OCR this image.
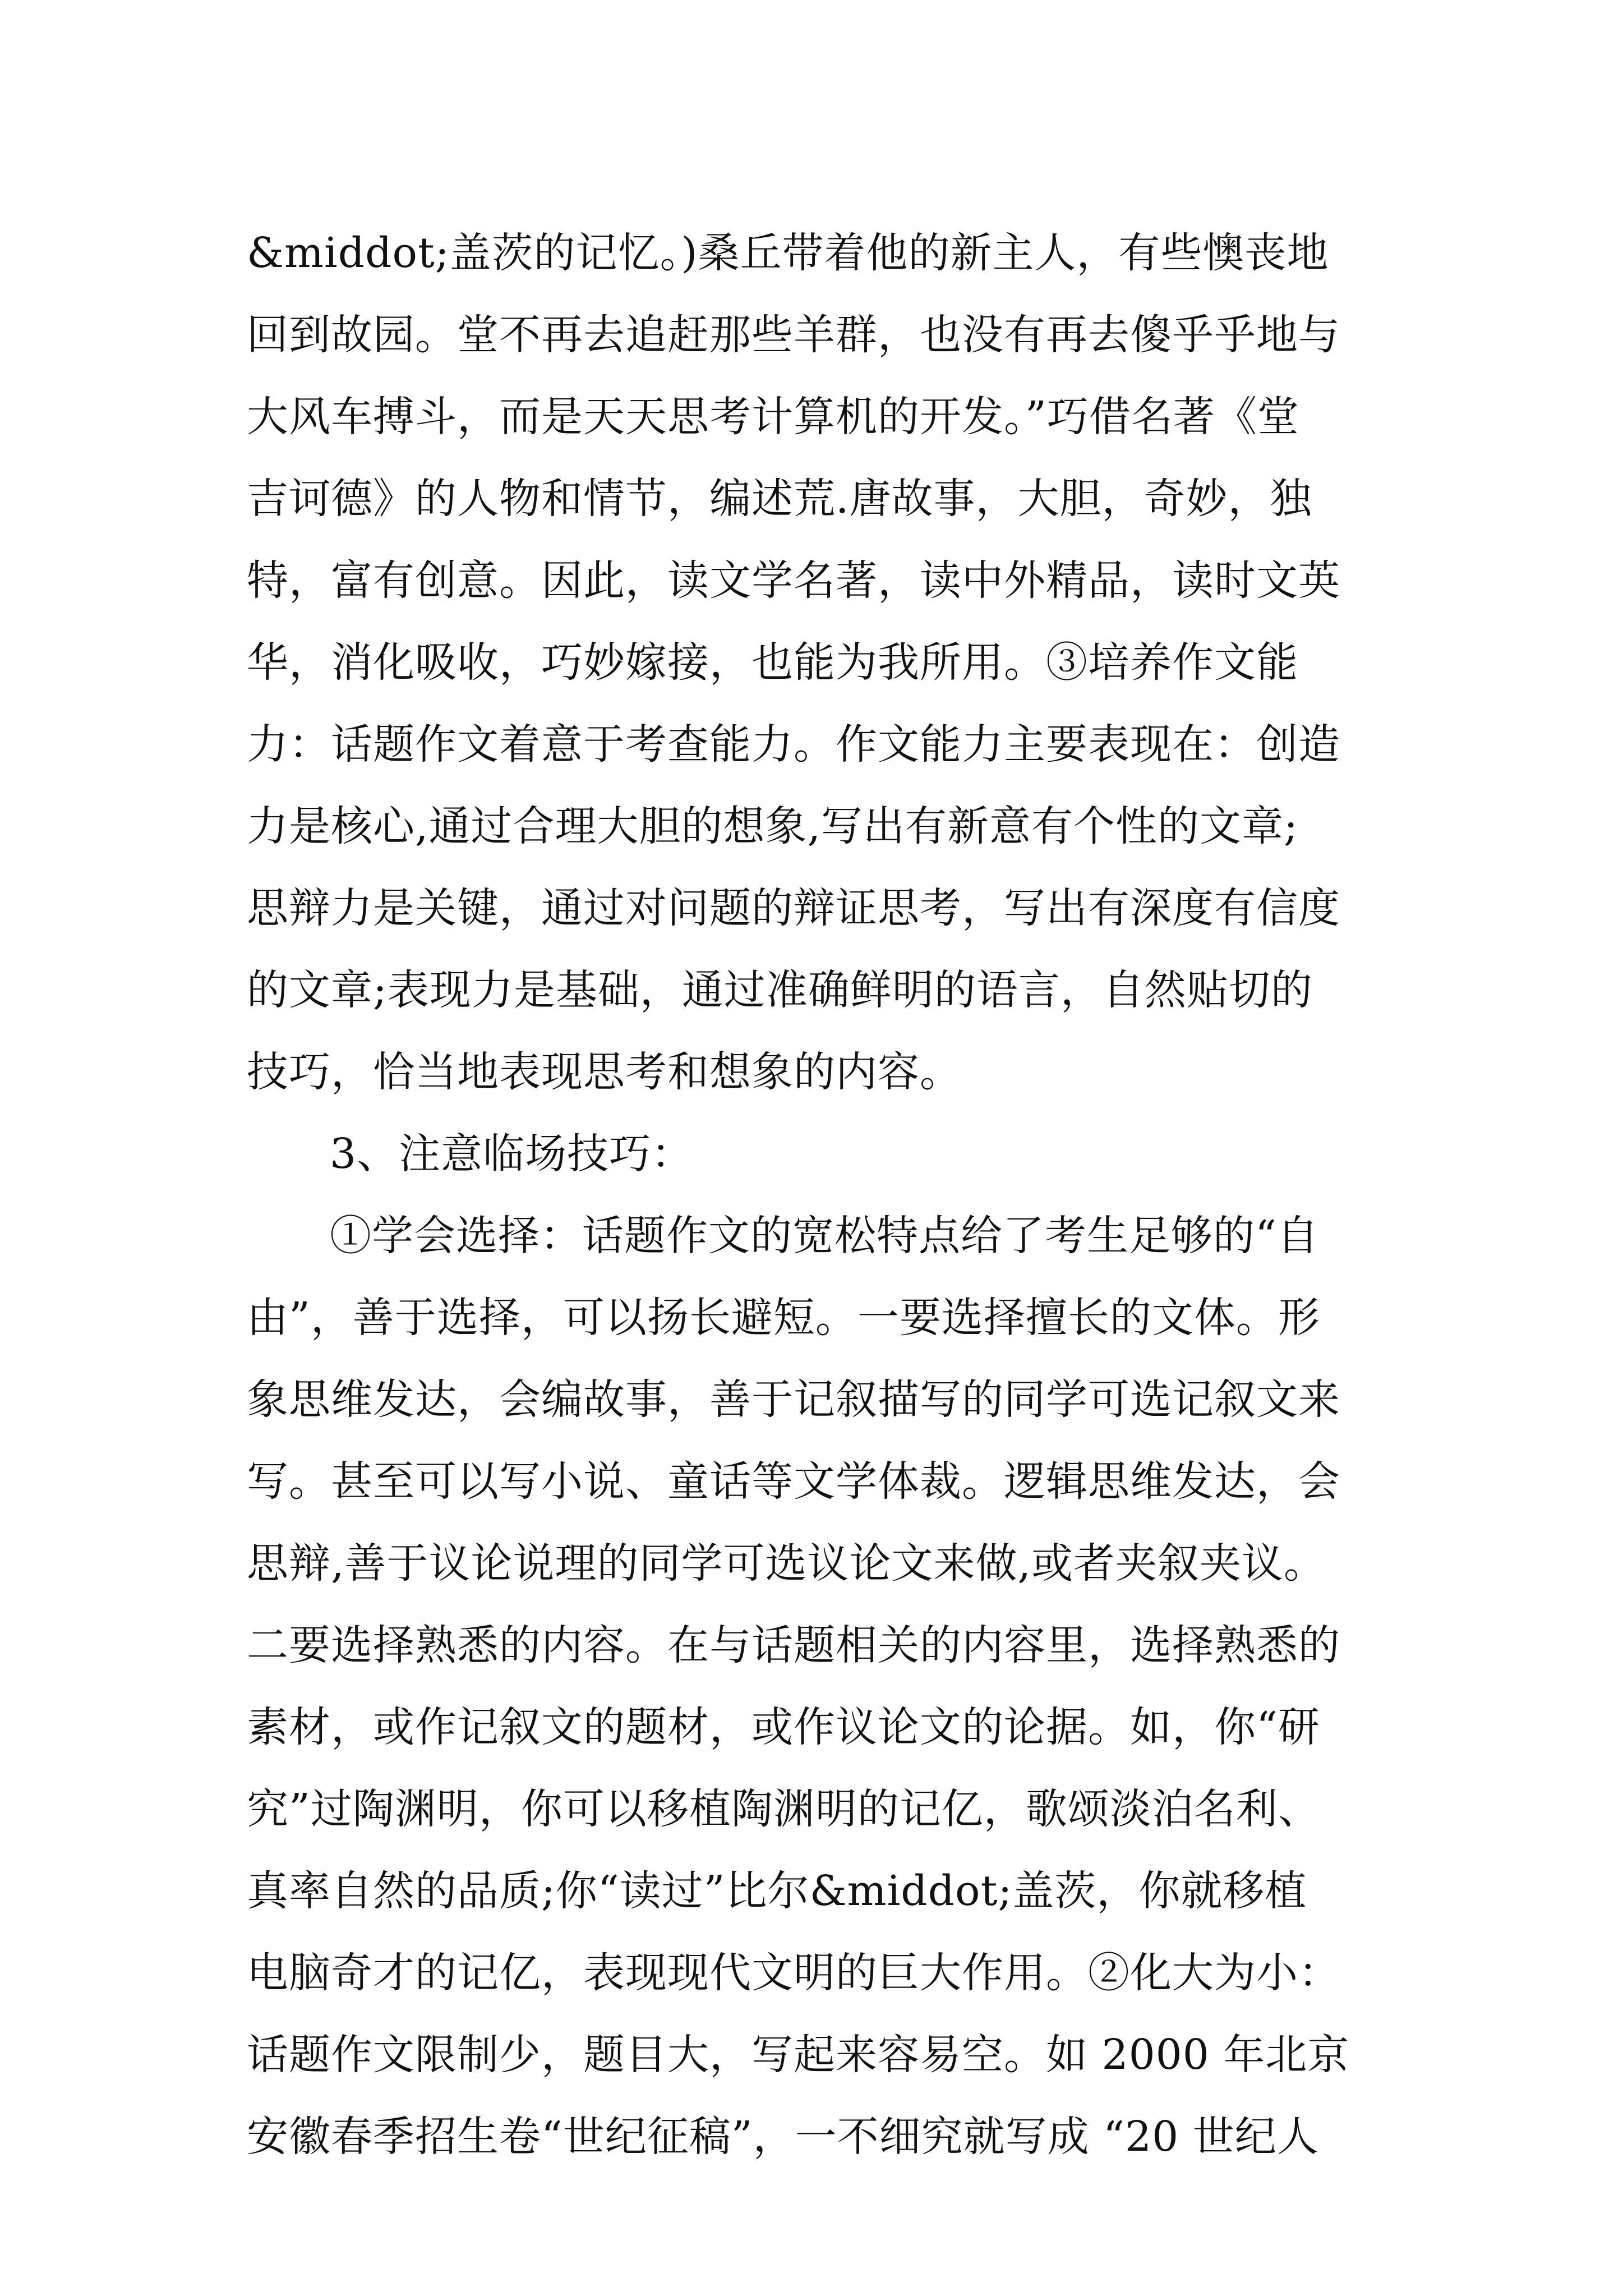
&middot;盖茨的记忆。)桑丘带着他的新主人，有些懊丧地
回到故园。堂不再去追赶那些羊群，也没有再去傻乎乎地与
大风车搏斗，而是天天思考计算机的开发。”巧借名著《堂
吉诃德》的人物和情节，编述荒.唐故事，大胆，奇妙，独
特，富有创意。因此，读文学名著，读中外精品，读时文英
华，消化吸收，巧妙嫁接，也能为我所用。③培养作文能
力：话题作文着意于考查能力。作文能力主要表现在：创造
力是核心,通过合理大胆的想象,写出有新意有个性的文章;
思辩力是关键，通过对问题的辩证思考，写出有深度有信度
的文章;表现力是基础，通过准确鲜明的语言，自然贴切的
技巧，恰当地表现思考和想象的内容。
3、注意临场技巧：
①学会选择：话题作文的宽松特点给了考生足够的“自
由”，善于选择，可以扬长避短。一要选择擅长的文体。形
象思维发达，会编故事，善于记叙描写的同学可选记叙文来
写。甚至可以写小说、童话等文学体裁。逻辑思维发达，会
思辩,善于议论说理的同学可选议论文来做,或者夹叙夹议。
二要选择熟悉的内容。在与话题相关的内容里，选择熟悉的
素材，或作记叙文的题材，或作议论文的论据。如，你“研
究”过陶渊明，你可以移植陶渊明的记亿，歌颂淡泊名利、
真率自然的品质;你“读过”比尔&middot;盖茨，你就移植
电脑奇才的记亿，表现现代文明的巨大作用。②化大为小：
话题作文限制少，题目大，写起来容易空。如 2000 年北京
安徽春季招生卷“世纪征稿”，一不细究就写成 “20 世纪人
